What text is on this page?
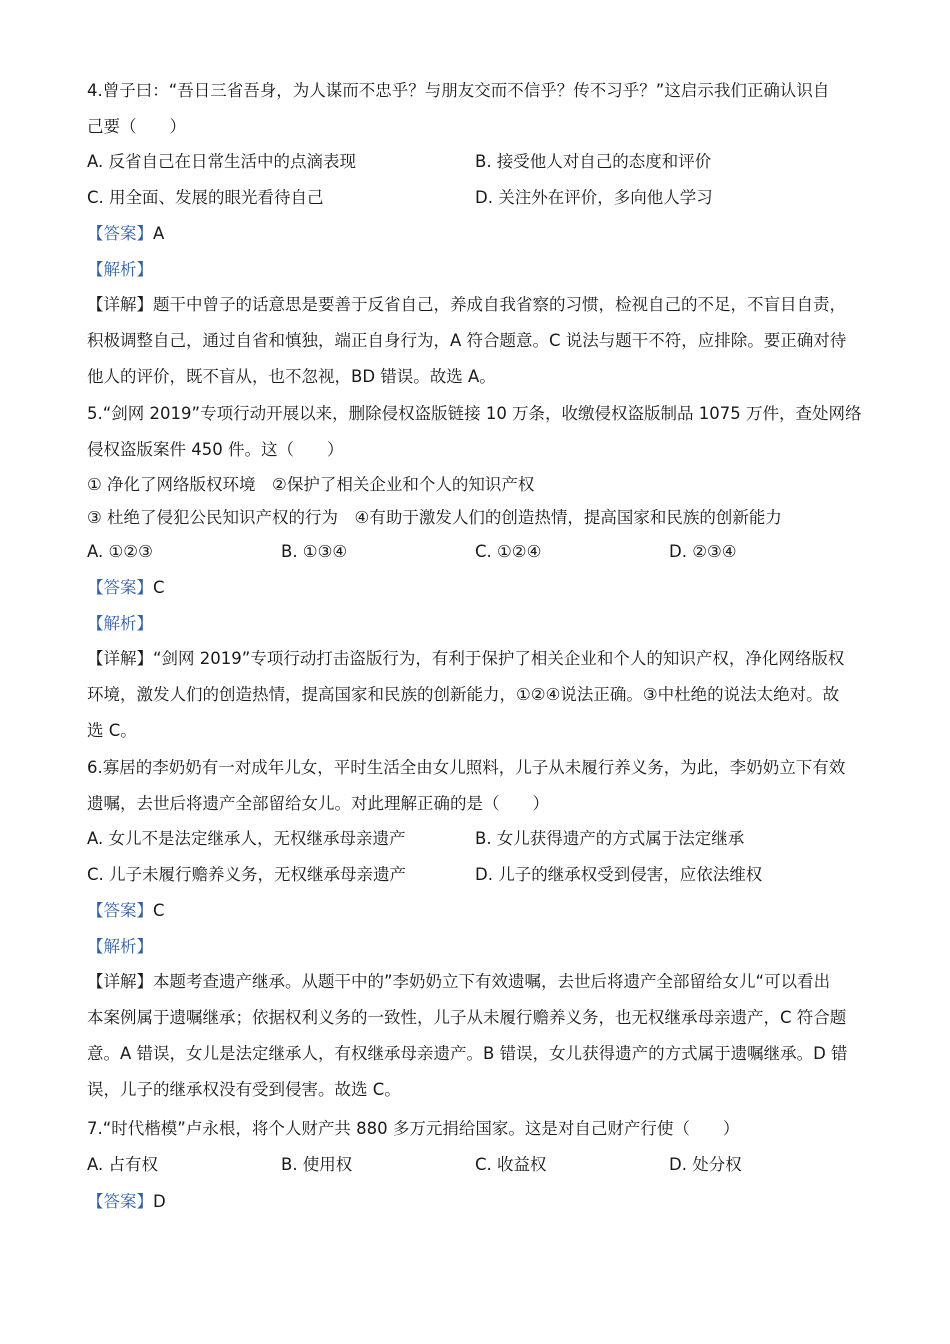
4.曾子曰：“吾日三省吾身，为人谋而不忠乎？与朋友交而不信乎？传不习乎？”这启示我们正确认识自
己要（　　）
A. 反省自己在日常生活中的点滴表现	B. 接受他人对自己的态度和评价
C. 用全面、发展的眼光看待自己	D. 关注外在评价，多向他人学习
【答案】A
【解析】
【详解】题干中曾子的话意思是要善于反省自己，养成自我省察的习惯，检视自己的不足，不盲目自责，
积极调整自己，通过自省和慎独，端正自身行为，A 符合题意。C 说法与题干不符，应排除。要正确对待
他人的评价，既不盲从，也不忽视，BD 错误。故选 A。
5.“剑网 2019”专项行动开展以来，删除侵权盗版链接 10 万条，收缴侵权盗版制品 1075 万件，查处网络
侵权盗版案件 450 件。这（　　）
① 净化了网络版权环境　②保护了相关企业和个人的知识产权
③ 杜绝了侵犯公民知识产权的行为　④有助于激发人们的创造热情，提高国家和民族的创新能力
A. ①②③	B. ①③④	C. ①②④	D. ②③④
【答案】C
【解析】
【详解】“剑网 2019”专项行动打击盗版行为，有利于保护了相关企业和个人的知识产权，净化网络版权
环境，激发人们的创造热情，提高国家和民族的创新能力，①②④说法正确。③中杜绝的说法太绝对。故
选 C。
6.寡居的李奶奶有一对成年儿女，平时生活全由女儿照料，儿子从未履行养义务，为此，李奶奶立下有效
遗嘱，去世后将遗产全部留给女儿。对此理解正确的是（　　）
A. 女儿不是法定继承人，无权继承母亲遗产	B. 女儿获得遗产的方式属于法定继承
C. 儿子未履行赡养义务，无权继承母亲遗产	D. 儿子的继承权受到侵害，应依法维权
【答案】C
【解析】
【详解】本题考查遗产继承。从题干中的”李奶奶立下有效遗嘱，去世后将遗产全部留给女儿“可以看出
本案例属于遗嘱继承；依据权利义务的一致性，儿子从未履行赡养义务，也无权继承母亲遗产，C 符合题
意。A 错误，女儿是法定继承人，有权继承母亲遗产。B 错误，女儿获得遗产的方式属于遗嘱继承。D 错
误，儿子的继承权没有受到侵害。故选 C。
7.“时代楷模”卢永根，将个人财产共 880 多万元捐给国家。这是对自己财产行使（　　）
A. 占有权	B. 使用权	C. 收益权	D. 处分权
【答案】D
